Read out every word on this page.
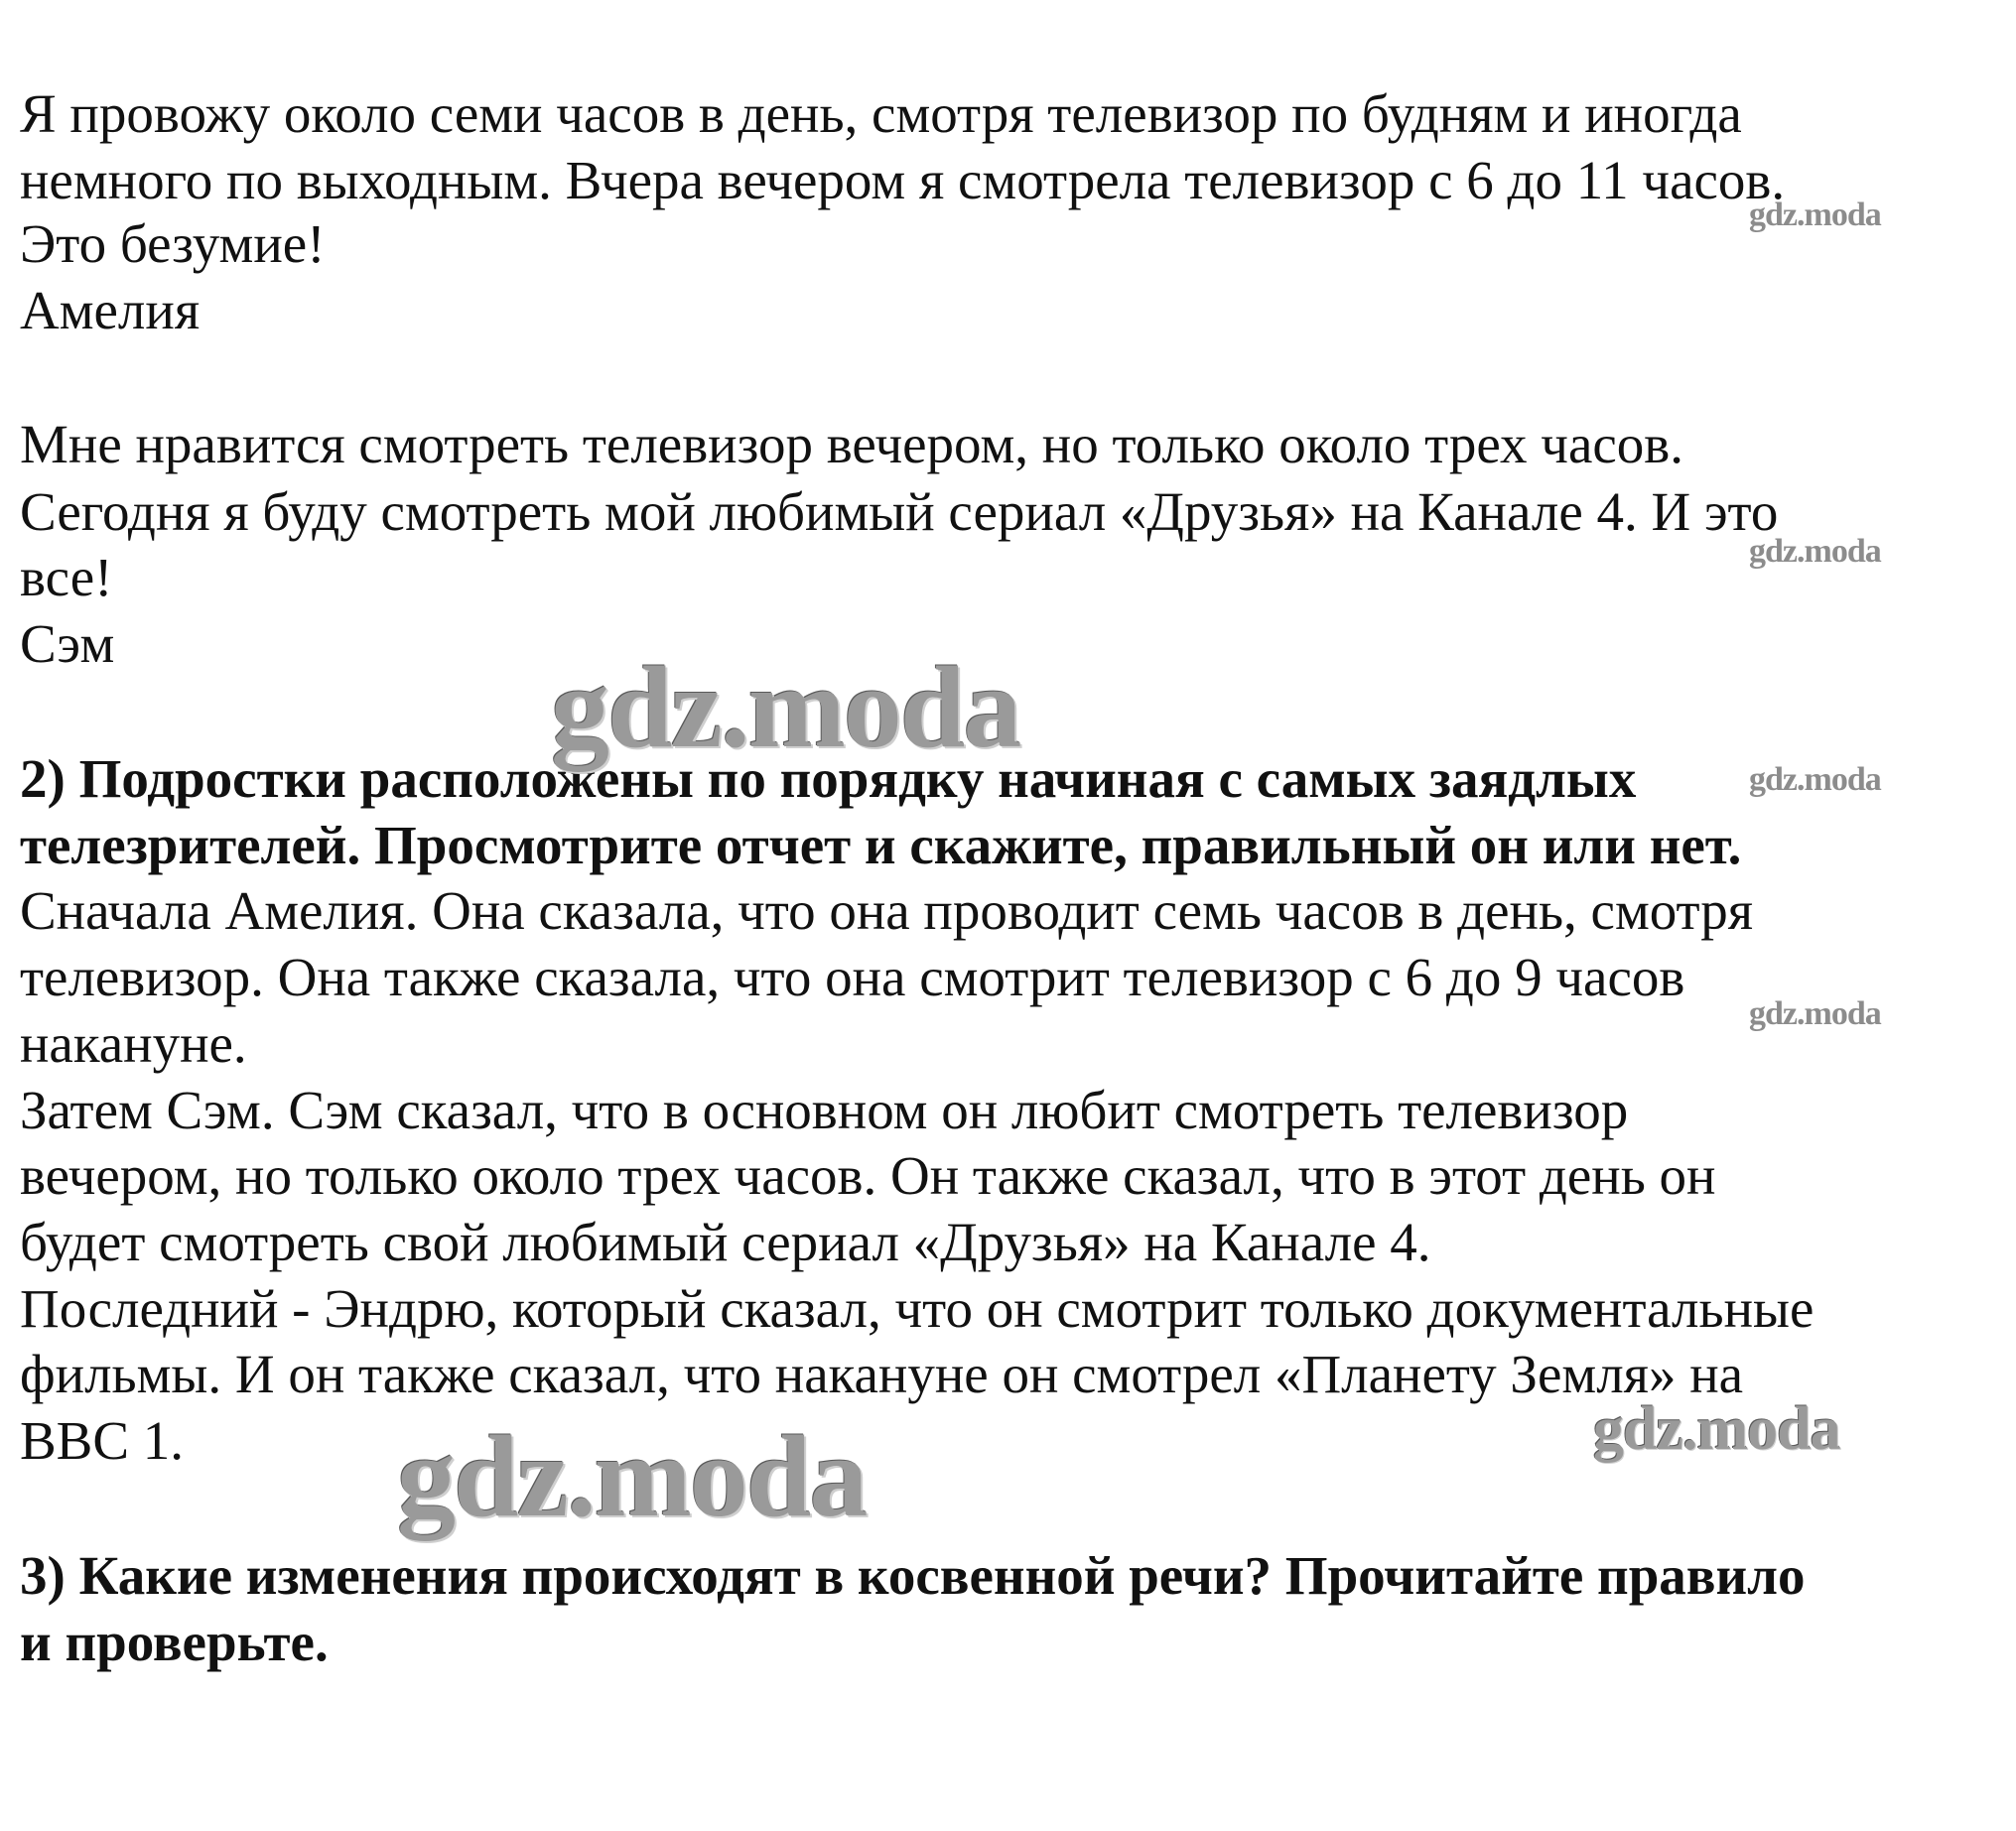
Я провожу около семи часов в день, смотря телевизор по будням и иногда
немного по выходным. Вчера вечером я смотрела телевизор с 6 до 11 часов.
Это безумие!
Амелия
Мне нравится смотреть телевизор вечером, но только около трех часов.
Сегодня я буду смотреть мой любимый сериал «Друзья» на Канале 4. И это
все!
Сэм
2) Подростки расположены по порядку начиная с самых заядлых
телезрителей. Просмотрите отчет и скажите, правильный он или нет.
Сначала Амелия. Она сказала, что она проводит семь часов в день, смотря
телевизор. Она также сказала, что она смотрит телевизор с 6 до 9 часов
накануне.
Затем Сэм. Сэм сказал, что в основном он любит смотреть телевизор
вечером, но только около трех часов. Он также сказал, что в этот день он
будет смотреть свой любимый сериал «Друзья» на Канале 4.
Последний - Эндрю, который сказал, что он смотрит только документальные
фильмы. И он также сказал, что накануне он смотрел «Планету Земля» на
BBC 1.
3) Какие изменения происходят в косвенной речи? Прочитайте правило
и проверьте.
gdz.moda
gdz.moda
gdz.moda
gdz.moda
gdz.moda
gdz.moda
gdz.moda
